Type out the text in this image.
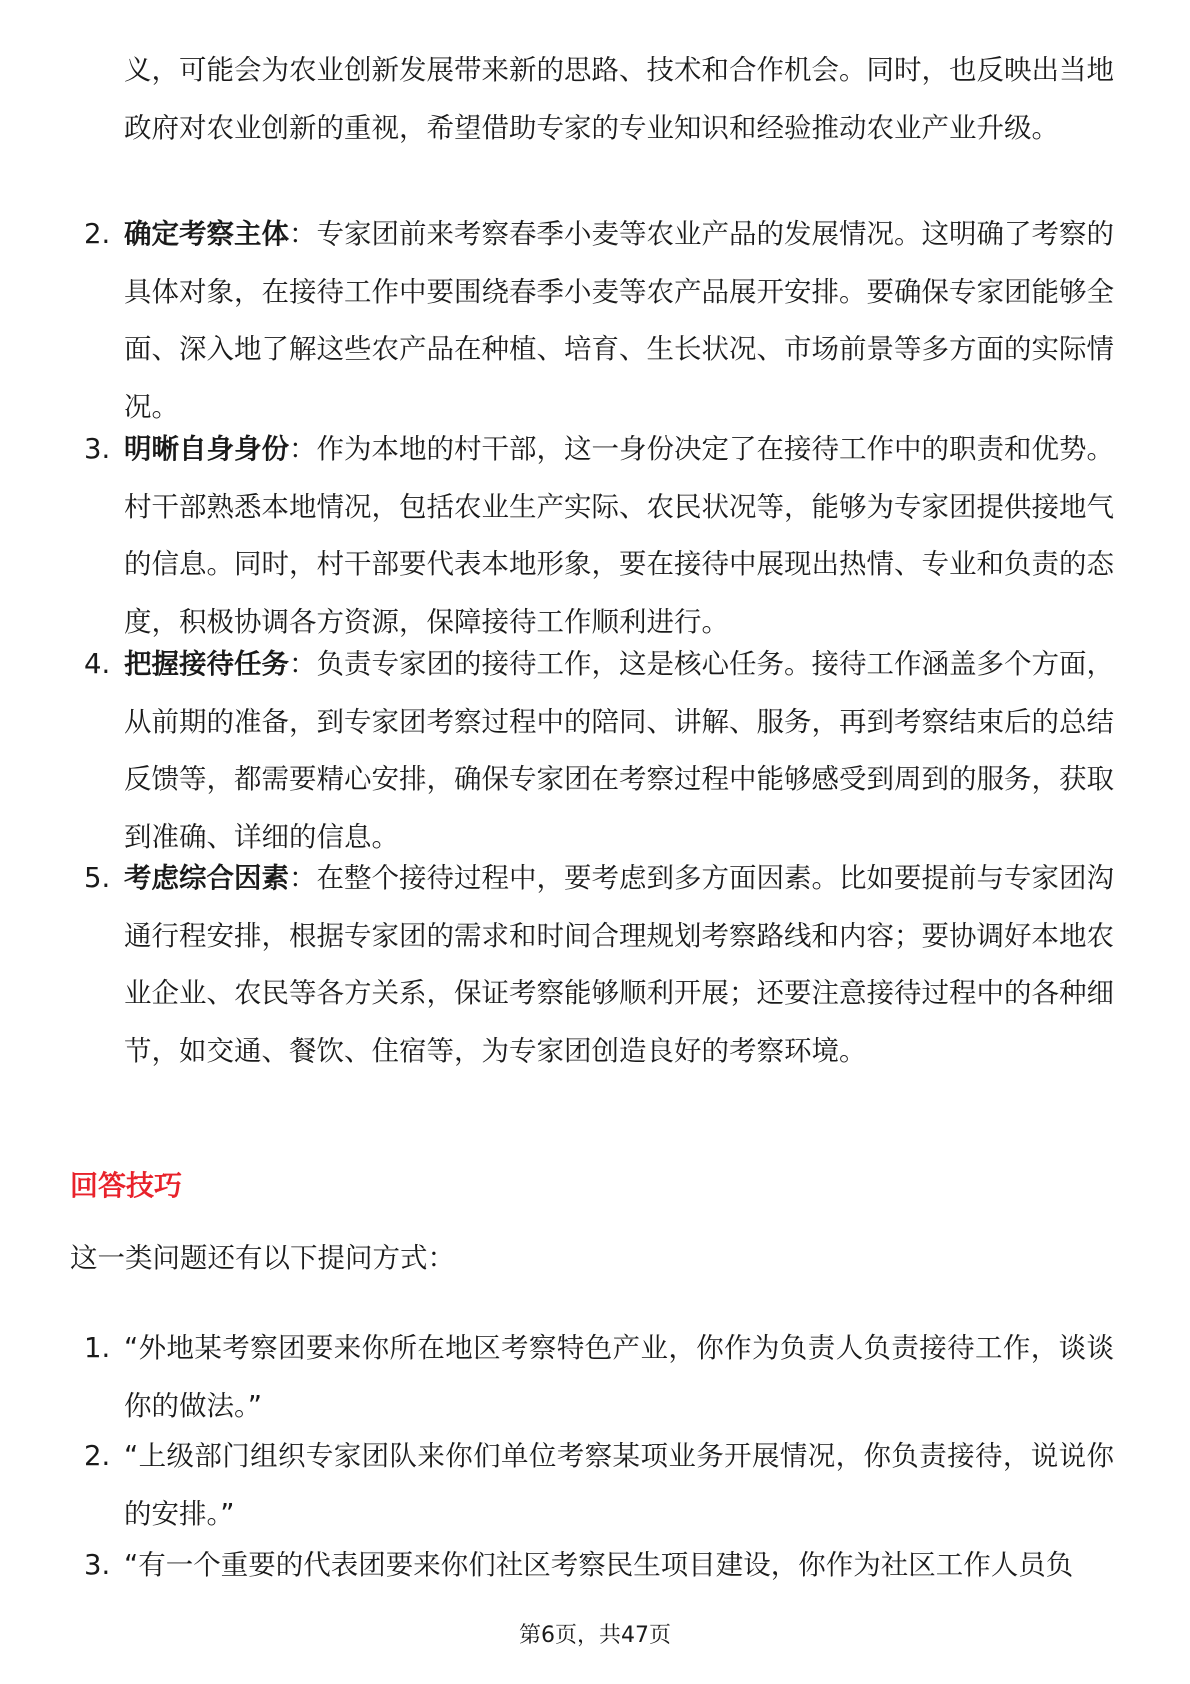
义，可能会为农业创新发展带来新的思路、技术和合作机会。同时，也反映出当地政府对农业创新的重视，希望借助专家的专业知识和经验推动农业产业升级。

2. 确定考察主体：专家团前来考察春季小麦等农业产品的发展情况。这明确了考察的具体对象，在接待工作中要围绕春季小麦等农产品展开安排。要确保专家团能够全面、深入地了解这些农产品在种植、培育、生长状况、市场前景等多方面的实际情况。

3. 明晰自身身份：作为本地的村干部，这一身份决定了在接待工作中的职责和优势。村干部熟悉本地情况，包括农业生产实际、农民状况等，能够为专家团提供接地气的信息。同时，村干部要代表本地形象，要在接待中展现出热情、专业和负责的态度，积极协调各方资源，保障接待工作顺利进行。

4. 把握接待任务：负责专家团的接待工作，这是核心任务。接待工作涵盖多个方面，从前期的准备，到专家团考察过程中的陪同、讲解、服务，再到考察结束后的总结反馈等，都需要精心安排，确保专家团在考察过程中能够感受到周到的服务，获取到准确、详细的信息。

5. 考虑综合因素：在整个接待过程中，要考虑到多方面因素。比如要提前与专家团沟通行程安排，根据专家团的需求和时间合理规划考察路线和内容；要协调好本地农业企业、农民等各方关系，保证考察能够顺利开展；还要注意接待过程中的各种细节，如交通、餐饮、住宿等，为专家团创造良好的考察环境。

回答技巧

这一类问题还有以下提问方式：

1. “外地某考察团要来你所在地区考察特色产业，你作为负责人负责接待工作，谈谈你的做法。”

2. “上级部门组织专家团队来你们单位考察某项业务开展情况，你负责接待，说说你的安排。”

3. “有一个重要的代表团要来你们社区考察民生项目建设，你作为社区工作人员负

第6页，共47页
